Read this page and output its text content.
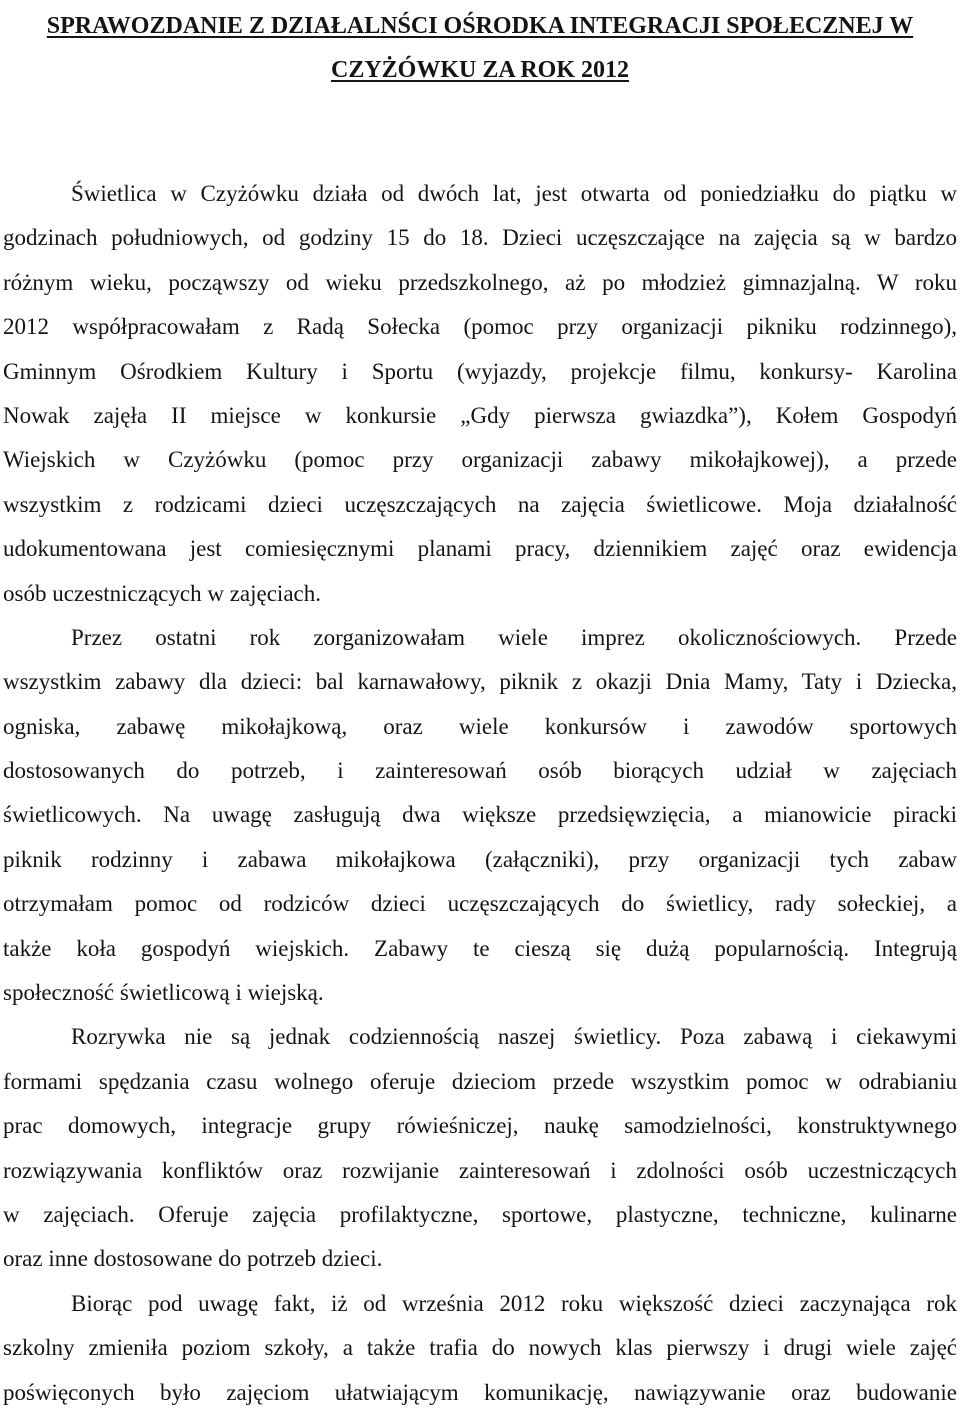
SPRAWOZDANIE Z DZIAŁALNŚCI OŚRODKA INTEGRACJI SPOŁECZNEJ W
CZYŻÓWKU ZA ROK 2012
Świetlica w Czyżówku działa od dwóch lat, jest otwarta od poniedziałku do piątku w
godzinach południowych, od godziny 15 do 18. Dzieci uczęszczające na zajęcia są w bardzo
różnym wieku, począwszy od wieku przedszkolnego, aż po młodzież gimnazjalną. W roku
2012 współpracowałam z Radą Sołecka (pomoc przy organizacji pikniku rodzinnego),
Gminnym Ośrodkiem Kultury i Sportu (wyjazdy, projekcje filmu, konkursy- Karolina
Nowak zajęła II miejsce w konkursie „Gdy pierwsza gwiazdka”), Kołem Gospodyń
Wiejskich w Czyżówku (pomoc przy organizacji zabawy mikołajkowej), a przede
wszystkim z rodzicami dzieci uczęszczających na zajęcia świetlicowe. Moja działalność
udokumentowana jest comiesięcznymi planami pracy, dziennikiem zajęć oraz ewidencja
osób uczestniczących w zajęciach.
Przez ostatni rok zorganizowałam wiele imprez okolicznościowych. Przede
wszystkim zabawy dla dzieci: bal karnawałowy, piknik z okazji Dnia Mamy, Taty i Dziecka,
ogniska, zabawę mikołajkową, oraz wiele konkursów i zawodów sportowych
dostosowanych do potrzeb, i zainteresowań osób biorących udział w zajęciach
świetlicowych. Na uwagę zasługują dwa większe przedsięwzięcia, a mianowicie piracki
piknik rodzinny i zabawa mikołajkowa (załączniki), przy organizacji tych zabaw
otrzymałam pomoc od rodziców dzieci uczęszczających do świetlicy, rady sołeckiej, a
także koła gospodyń wiejskich. Zabawy te cieszą się dużą popularnością. Integrują
społeczność świetlicową i wiejską.
Rozrywka nie są jednak codziennością naszej świetlicy. Poza zabawą i ciekawymi
formami spędzania czasu wolnego oferuje dzieciom przede wszystkim pomoc w odrabianiu
prac domowych, integracje grupy rówieśniczej, naukę samodzielności, konstruktywnego
rozwiązywania konfliktów oraz rozwijanie zainteresowań i zdolności osób uczestniczących
w zajęciach. Oferuje zajęcia profilaktyczne, sportowe, plastyczne, techniczne, kulinarne
oraz inne dostosowane do potrzeb dzieci.
Biorąc pod uwagę fakt, iż od września 2012 roku większość dzieci zaczynająca rok
szkolny zmieniła poziom szkoły, a także trafia do nowych klas pierwszy i drugi wiele zajęć
poświęconych było zajęciom ułatwiającym komunikację, nawiązywanie oraz budowanie
